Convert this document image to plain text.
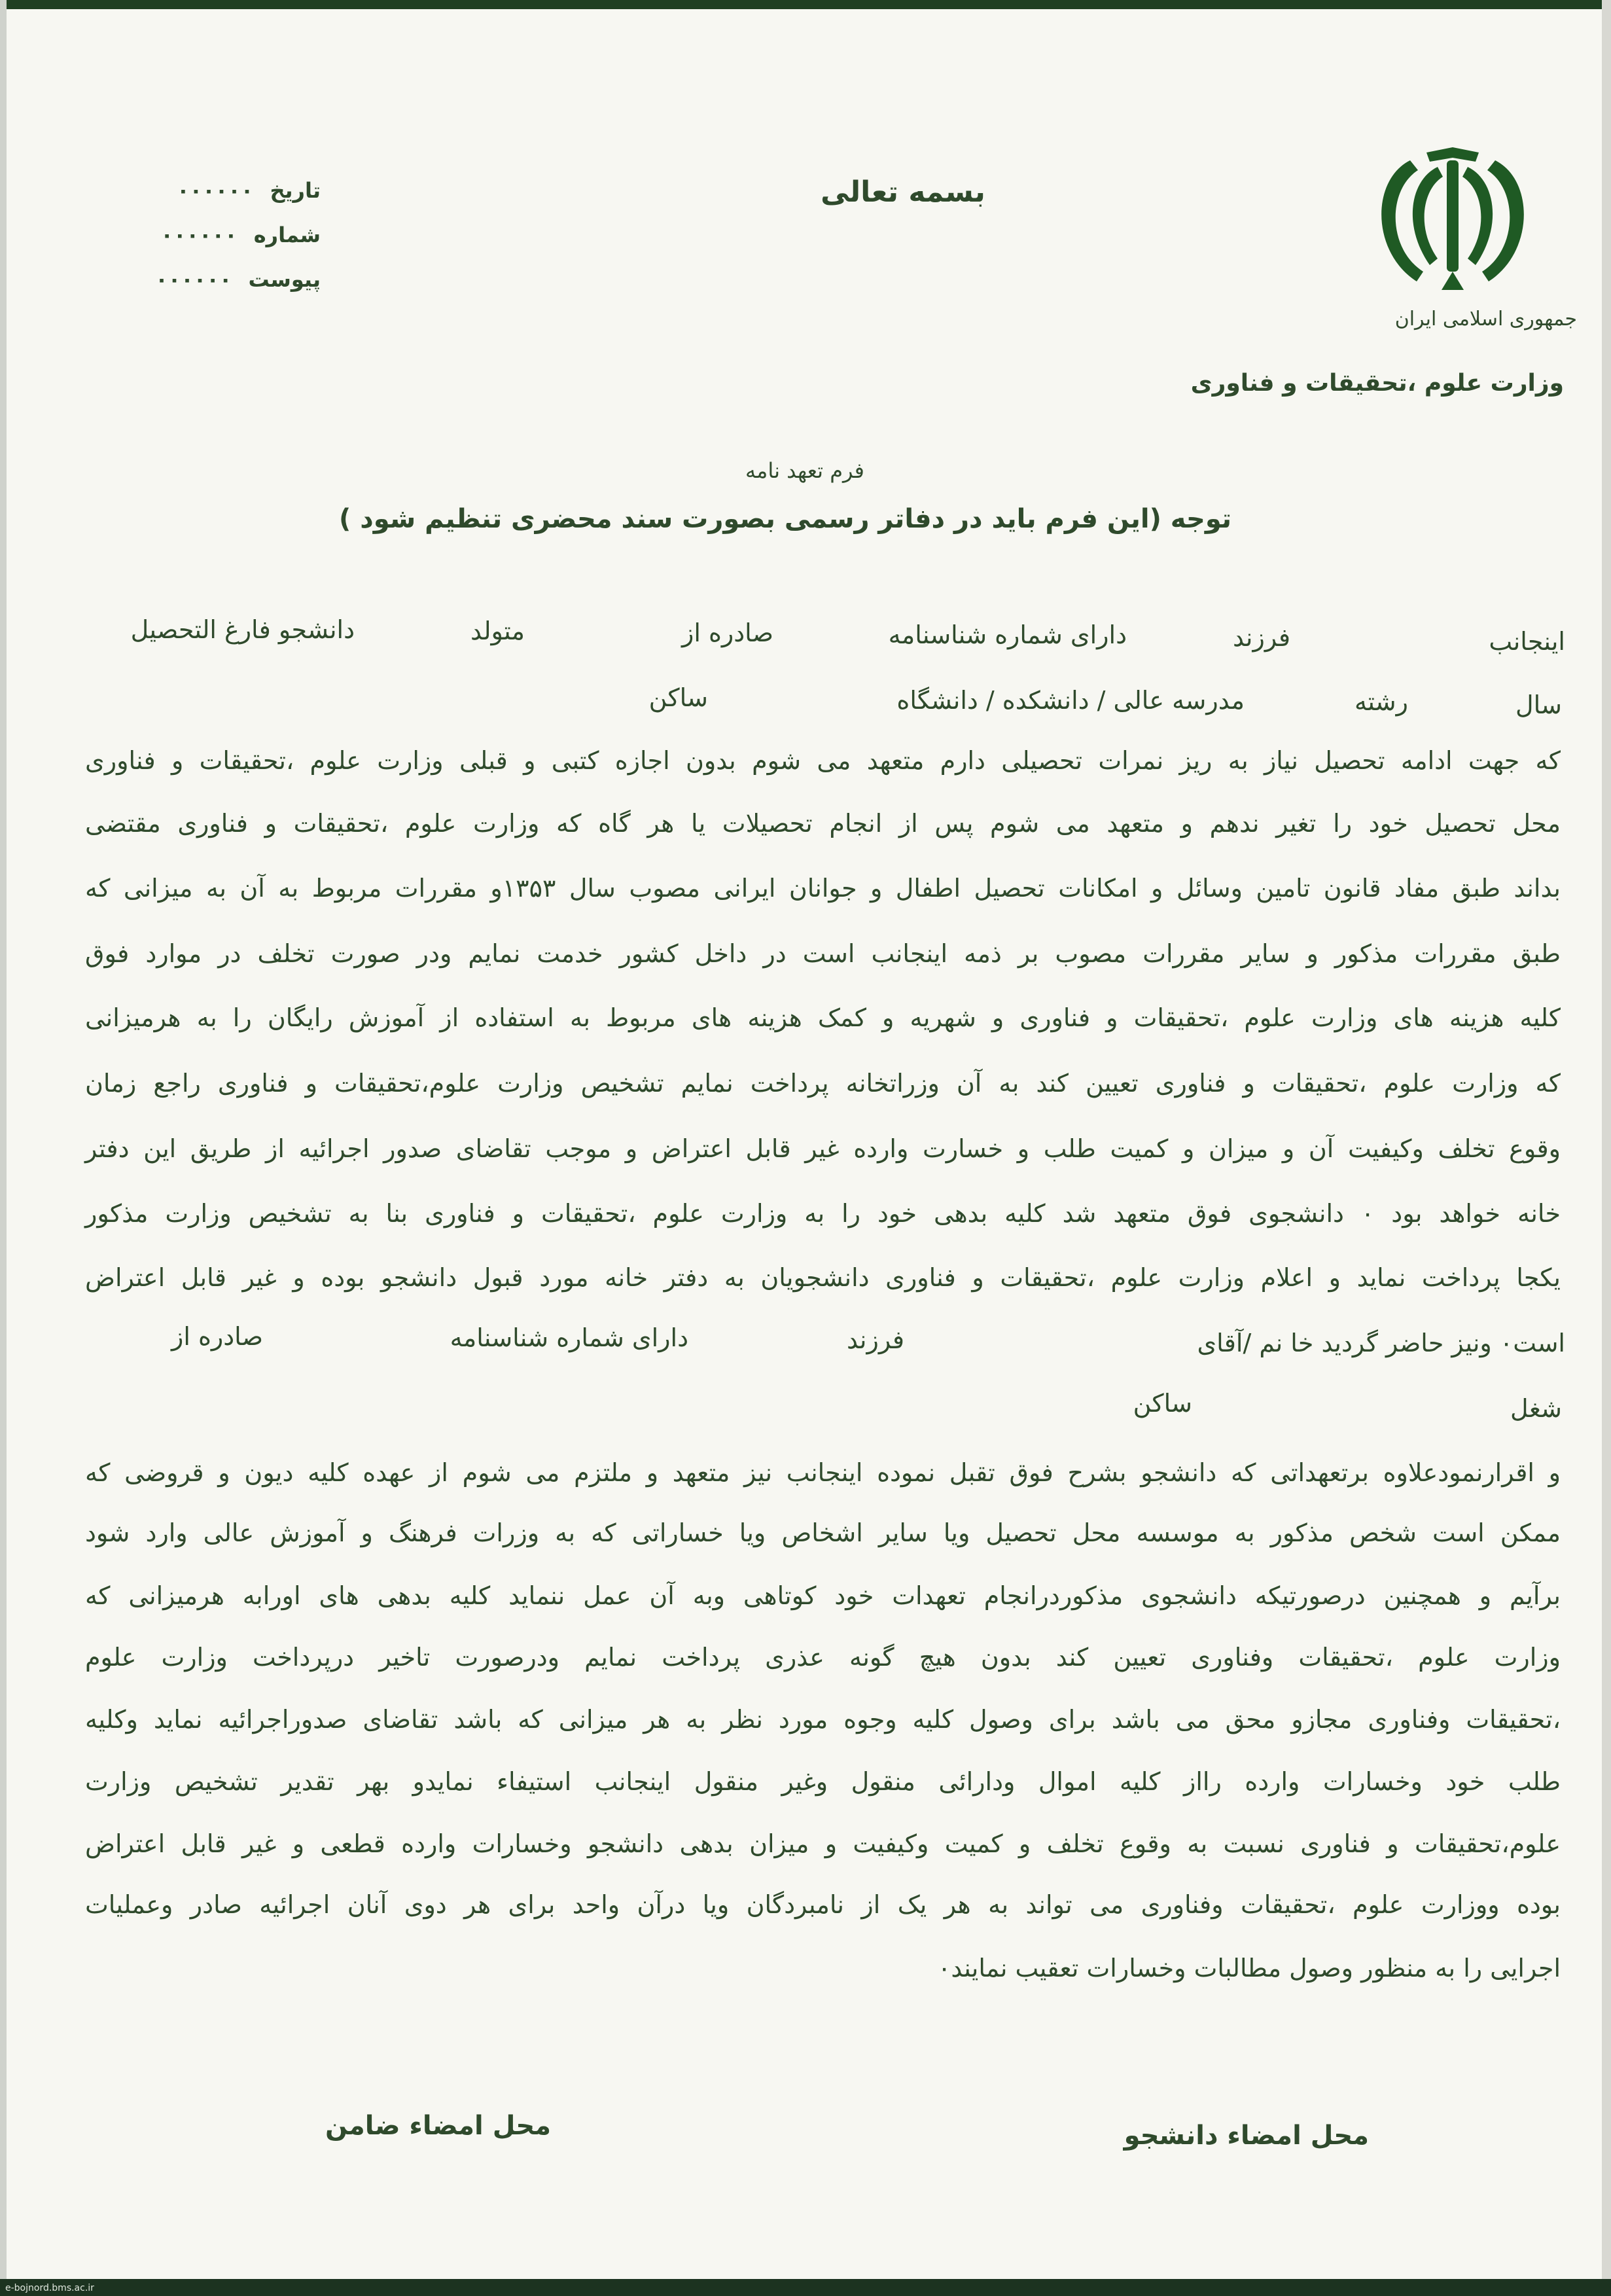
جمهوری اسلامی ایران
وزارت علوم ،تحقیقات و فناوری
بسمه تعالی
تاریخ ۰۰۰۰۰۰
شماره ۰۰۰۰۰۰
پیوست ۰۰۰۰۰۰
فرم تعهد نامه
توجه (این فرم باید در دفاتر رسمی بصورت سند محضری تنظیم شود )
اینجانب
فرزند
دارای شماره شناسنامه
صادره از
متولد
دانشجو فارغ التحصیل
سال
رشته
مدرسه عالی / دانشکده / دانشگاه
ساکن
که جهت ادامه تحصیل نیاز به ریز نمرات تحصیلی دارم متعهد می شوم بدون اجازه کتبی و قبلی وزارت علوم ،تحقیقات و فناوری
محل تحصیل خود را تغیر ندهم و متعهد می شوم پس از انجام تحصیلات یا هر گاه که وزارت علوم ،تحقیقات و فناوری مقتضی
بداند طبق مفاد قانون تامین وسائل و امکانات تحصیل اطفال و جوانان ایرانی مصوب سال ۱۳۵۳و مقررات مربوط به آن به میزانی که
طبق مقررات مذکور و سایر مقررات مصوب بر ذمه اینجانب است در داخل کشور خدمت نمایم ودر صورت تخلف در موارد فوق
کلیه هزینه های وزارت علوم ،تحقیقات و فناوری و شهریه و کمک هزینه های مربوط به استفاده از آموزش رایگان را به هرمیزانی
که وزارت علوم ،تحقیقات و فناوری تعیین کند به آن وزراتخانه پرداخت نمایم تشخیص وزارت علوم،تحقیقات و فناوری راجع زمان
وقوع تخلف وکیفیت آن و میزان و کمیت طلب و خسارت وارده غیر قابل اعتراض و موجب تقاضای صدور اجرائیه از طریق این دفتر
خانه خواهد بود ۰ دانشجوی فوق متعهد شد کلیه بدهی خود را به وزارت علوم ،تحقیقات و فناوری بنا به تشخیص وزارت مذکور
یکجا پرداخت نماید و اعلام وزارت علوم ،تحقیقات و فناوری دانشجویان به دفتر خانه مورد قبول دانشجو بوده و غیر قابل اعتراض
است۰ ونیز حاضر گردید خا نم /آقای
فرزند
دارای شماره شناسنامه
صادره از
شغل
ساکن
و اقرارنمودعلاوه برتعهداتی که دانشجو بشرح فوق تقبل نموده اینجانب نیز متعهد و ملتزم می شوم از عهده کلیه دیون و قروضی که
ممکن است شخص مذکور به موسسه محل تحصیل ویا سایر اشخاص ویا خساراتی که به وزرات فرهنگ و آموزش عالی وارد شود
برآیم و همچنین درصورتیکه دانشجوی مذکوردرانجام تعهدات خود کوتاهی وبه آن عمل ننماید کلیه بدهی های اورابه هرمیزانی که
وزارت علوم ،تحقیقات وفناوری تعیین کند بدون هیچ گونه عذری پرداخت نمایم ودرصورت تاخیر درپرداخت وزارت علوم
،تحقیقات وفناوری مجازو محق می باشد برای وصول کلیه وجوه مورد نظر به هر میزانی که باشد تقاضای صدوراجرائیه نماید وکلیه
طلب خود وخسارات وارده رااز کلیه اموال ودارائی منقول وغیر منقول اینجانب استیفاء نمایدو بهر تقدیر تشخیص وزارت
علوم،تحقیقات و فناوری نسبت به وقوع تخلف و کمیت وکیفیت و میزان بدهی دانشجو وخسارات وارده قطعی و غیر قابل اعتراض
بوده ووزارت علوم ،تحقیقات وفناوری می تواند به هر یک از نامبردگان ویا درآن واحد برای هر دوی آنان اجرائیه صادر وعملیات
اجرایی را به منظور وصول مطالبات وخسارات تعقیب نمایند۰
محل امضاء دانشجو
محل امضاء ضامن
e-bojnord.bms.ac.ir
